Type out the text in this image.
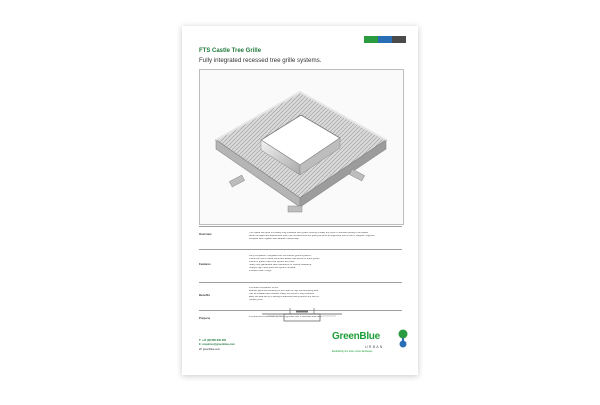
FTS Castle Tree Grille
Fully integrated recessed tree grille systems.
Overview	The Castle tree grille is a heavy duty recessed tree system offering virtually any style of recessed paving to be placed
within the steps and area around tree in at the same level the paving ensures all supported tree at one or stepped. Supplied
complete with irrigation and aeration directionally.
Features
Fully compatible / integrates with GB Flexter ground systems.
Frame with 60mm deep frame and allows max above for trees growth.
Frame of grated mesh tree system and infills.
Heavy duty galvanised steel framework for vehicle resistance.
Straight high frame joints set system included.
Included mesh fixings.
Benefits
Promotes compaction of soil.
Enables generous surfacing to and near the high concentrating area.
Can be installed and retained readily into some of step locations.
Easy the area set up of lasting a seamless paving around the tree pit.
Tamper proof.
Purpose	Promote soil conservation by fixing tightness over a recessed tree base.
T: +44 (0)1580 830 800
E: enquiries@greenblue.com
W: greenblue.com
GreenBlue
URBAN
Establishing the future urban landscape
